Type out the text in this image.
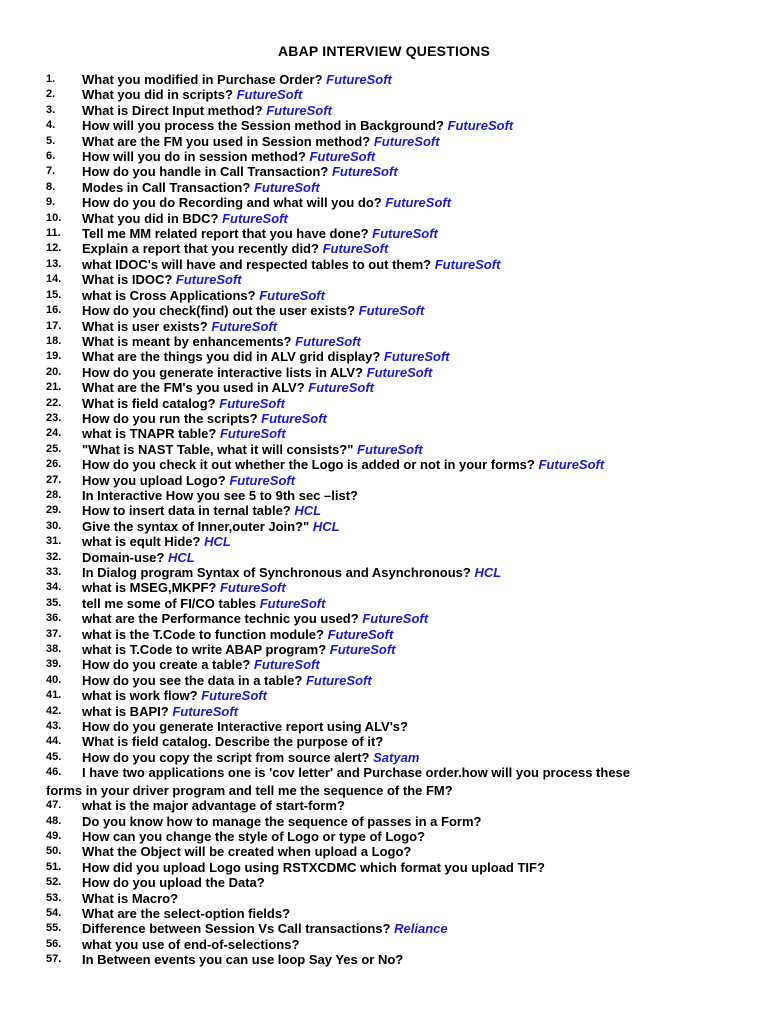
ABAP INTERVIEW QUESTIONS
1. What you modified in Purchase Order? FutureSoft
2. What you did in scripts? FutureSoft
3. What is Direct Input method? FutureSoft
4. How will you process the Session method in Background? FutureSoft
5. What are the FM you used in Session method? FutureSoft
6. How will you do in session method? FutureSoft
7. How do you handle in Call Transaction? FutureSoft
8. Modes in Call Transaction? FutureSoft
9. How do you do Recording and what will you do? FutureSoft
10. What you did in BDC? FutureSoft
11. Tell me MM related report that you have done? FutureSoft
12. Explain a report that you recently did? FutureSoft
13. what IDOC's will have and respected tables to out them? FutureSoft
14. What is IDOC? FutureSoft
15. what is Cross Applications? FutureSoft
16. How do you check(find) out the user exists? FutureSoft
17. What is user exists? FutureSoft
18. What is meant by enhancements? FutureSoft
19. What are the things you did in ALV grid display? FutureSoft
20. How do you generate interactive lists in ALV? FutureSoft
21. What are the FM's you used in ALV? FutureSoft
22. What is field catalog? FutureSoft
23. How do you run the scripts? FutureSoft
24. what is TNAPR table? FutureSoft
25. "What is NAST Table, what it will consists?" FutureSoft
26. How do you check it out whether the Logo is added or not in your forms? FutureSoft
27. How you upload Logo? FutureSoft
28. In Interactive How you see 5 to 9th sec –list?
29. How to insert data in ternal table? HCL
30. Give the syntax of Inner,outer Join?" HCL
31. what is eqult Hide? HCL
32. Domain-use? HCL
33. In Dialog program Syntax of Synchronous and Asynchronous? HCL
34. what is MSEG,MKPF? FutureSoft
35. tell me some of FI/CO tables FutureSoft
36. what are the Performance technic you used? FutureSoft
37. what is the T.Code to function module? FutureSoft
38. what is T.Code to write ABAP program? FutureSoft
39. How do you create a table? FutureSoft
40. How do you see the data in a table? FutureSoft
41. what is work flow? FutureSoft
42. what is BAPI? FutureSoft
43. How do you generate Interactive report using ALV's?
44. What is field catalog. Describe the purpose of it?
45. How do you copy the script from source alert? Satyam
46. I have two applications one is 'cov letter' and Purchase order.how will you process these
forms in your driver program and tell me the sequence of the FM?
47. what is the major advantage of start-form?
48. Do you know how to manage the sequence of passes in a Form?
49. How can you change the style of Logo or type of Logo?
50. What the Object will be created when upload a Logo?
51. How did you upload Logo using RSTXCDMC which format you upload TIF?
52. How do you upload the Data?
53. What is Macro?
54. What are the select-option fields?
55. Difference between Session Vs Call transactions? Reliance
56. what you use of end-of-selections?
57. In Between events you can use loop Say Yes or No?
